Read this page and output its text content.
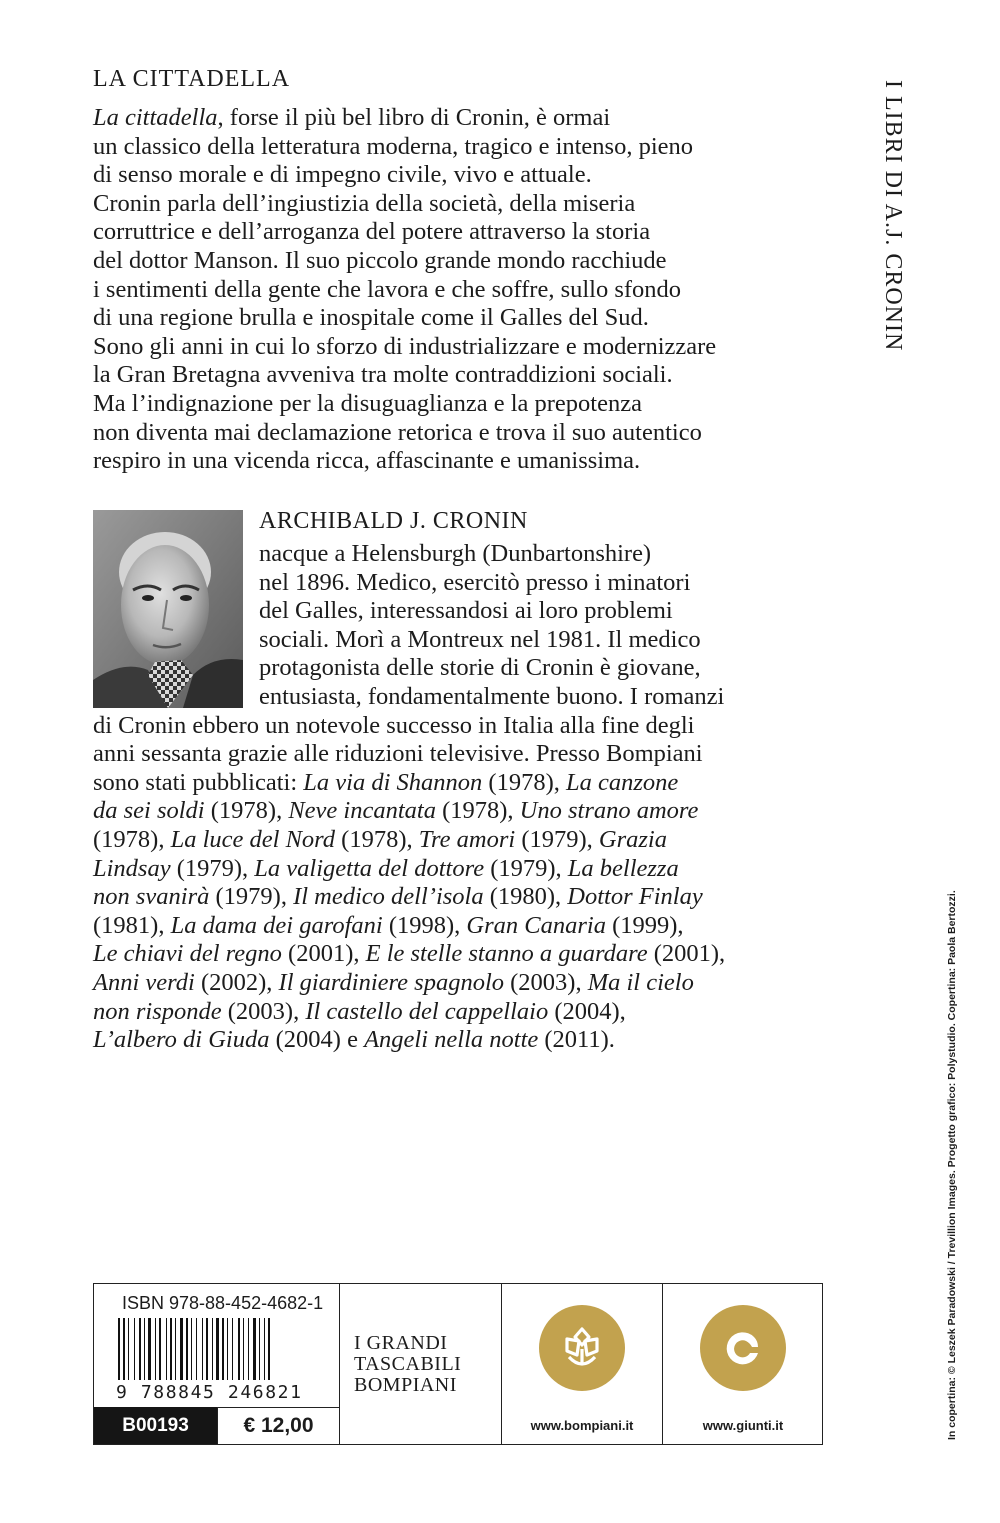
LA CITTADELLA

La cittadella, forse il più bel libro di Cronin, è ormai

un classico della letteratura moderna, tragico e intenso, pieno

di senso morale e di impegno civile, vivo e attuale.

Cronin parla dell’ingiustizia della società, della miseria

corruttrice e dell’arroganza del potere attraverso la storia

del dottor Manson. Il suo piccolo grande mondo racchiude

i sentimenti della gente che lavora e che soffre, sullo sfondo

di una regione brulla e inospitale come il Galles del Sud.

Sono gli anni in cui lo sforzo di industrializzare e modernizzare

la Gran Bretagna avveniva tra molte contraddizioni sociali.

Ma l’indignazione per la disuguaglianza e la prepotenza

non diventa mai declamazione retorica e trova il suo autentico

respiro in una vicenda ricca, affascinante e umanissima.

I LIBRI DI A.J. CRONIN
ARCHIBALD J. CRONIN
nacque a Helensburgh (Dunbartonshire)
nel 1896. Medico, esercitò presso i minatori
del Galles, interessandosi ai loro problemi
sociali. Morì a Montreux nel 1981. Il medico
protagonista delle storie di Cronin è giovane,
entusiasta, fondamentalmente buono. I romanzi
di Cronin ebbero un notevole successo in Italia alla fine degli
anni sessanta grazie alle riduzioni televisive. Presso Bompiani
sono stati pubblicati: La via di Shannon (1978), La canzone
da sei soldi (1978), Neve incantata (1978), Uno strano amore
(1978), La luce del Nord (1978), Tre amori (1979), Grazia
Lindsay (1979), La valigetta del dottore (1979), La bellezza
non svanirà (1979), Il medico dell’isola (1980), Dottor Finlay
(1981), La dama dei garofani (1998), Gran Canaria (1999),
Le chiavi del regno (2001), E le stelle stanno a guardare (2001),
Anni verdi (2002), Il giardiniere spagnolo (2003), Ma il cielo
non risponde (2003), Il castello del cappellaio (2004),
L’albero di Giuda (2004) e Angeli nella notte (2011).	In copertina: © Leszek Paradowski / Trevillion Images. Progetto grafico: Polystudio. Copertina: Paola Bertozzi.
ISBN 978-88-452-4682-1
9 788845 246821
B00193	€ 12,00
I GRANDI
TASCABILI
BOMPIANI
www.bompiani.it	www.giunti.it
